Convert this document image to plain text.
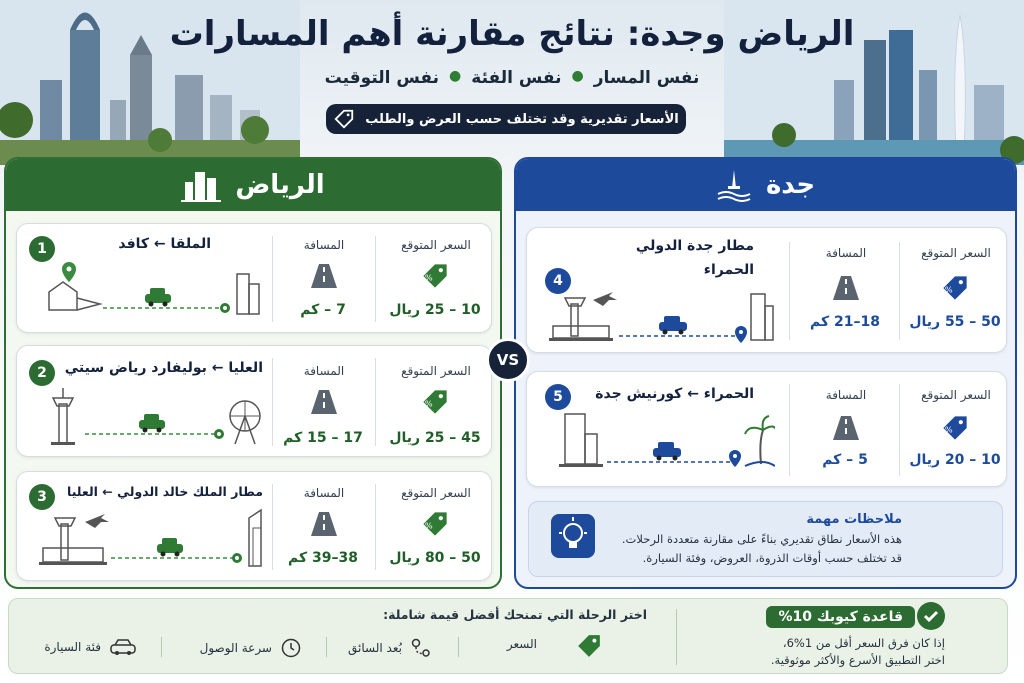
الرياض وجدة: نتائج مقارنة أهم المسارات
نفس المسار
●
نفس الفئة
●
نفس التوقيت
الأسعار تقديرية وقد تختلف حسب العرض والطلب
الرياض
1	الملقا ← كافد	المسافة
7 – كم
السعر المتوقع
%
10 – 25 ريال
2	العليا ← بوليفارد رياض سيتي	المسافة
17 – 15 كم
السعر المتوقع
%
45 – 25 ريال
3	مطار الملك خالد الدولي ← العليا	المسافة
38–39 كم
السعر المتوقع
%
50 – 80 ريال
VS
جدة
4
مطار جدة الدولي
الحمراء
المسافة
18–21 كم
السعر المتوقع
%
50 – 55 ريال
5	الحمراء ← كورنيش جدة	المسافة
5 – كم
السعر المتوقع
%
10 – 20 ريال
ملاحظات مهمة
هذه الأسعار نطاق تقديري بناءً على مقارنة متعددة الرحلات.
قد تختلف حسب أوقات الذروة، العروض، وفئة السيارة.
قاعدة كيوبك 10%
إذا كان فرق السعر أقل من 1%6،
اختر التطبيق الأسرع والأكثر موثوقية.
اختر الرحلة التي تمنحك أفضل قيمة شاملة:
السعر
بُعد السائق
سرعة الوصول
فئة السيارة
